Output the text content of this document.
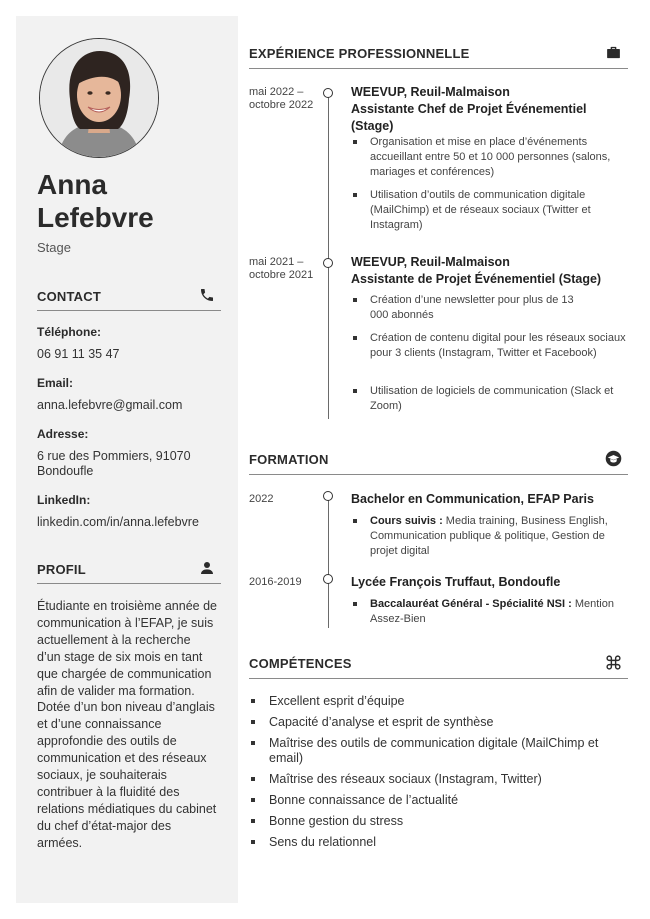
Anna
Lefebvre
Stage
CONTACT
Téléphone:
06 91 11 35 47
Email:
anna.lefebvre@gmail.com
Adresse:
6 rue des Pommiers, 91070
Bondoufle
LinkedIn:
linkedin.com/in/anna.lefebvre
PROFIL
Étudiante en troisième année de communication à l’EFAP, je suis actuellement à la recherche d’un stage de six mois en tant que chargée de communication afin de valider ma formation. Dotée d’un bon niveau d’anglais et d’une connaissance approfondie des outils de communication et des réseaux sociaux, je souhaiterais contribuer à la fluidité des relations médiatiques du cabinet du chef d’état-major des armées.
EXPÉRIENCE PROFESSIONNELLE
mai 2022 –
octobre 2022
WEEVUP, Reuil-Malmaison
Assistante Chef de Projet Événementiel (Stage)
Organisation et mise en place d’événements accueillant entre 50 et 10 000 personnes (salons, mariages et conférences)
Utilisation d’outils de communication digitale (MailChimp) et de réseaux sociaux (Twitter et Instagram)
mai 2021 –
octobre 2021
WEEVUP, Reuil-Malmaison
Assistante de Projet Événementiel (Stage)
Création d’une newsletter pour plus de 13 000 abonnés
Création de contenu digital pour les réseaux sociaux pour 3 clients (Instagram, Twitter et Facebook)
Utilisation de logiciels de communication (Slack et Zoom)
FORMATION
2022	Bachelor en Communication, EFAP Paris
Cours suivis : Media training, Business English, Communication publique & politique, Gestion de projet digital
2016-2019	Lycée François Truffaut, Bondoufle
Baccalauréat Général - Spécialité NSI : Mention Assez-Bien
COMPÉTENCES
Excellent esprit d’équipe
Capacité d’analyse et esprit de synthèse
Maîtrise des outils de communication digitale (MailChimp et email)
Maîtrise des réseaux sociaux (Instagram, Twitter)
Bonne connaissance de l’actualité
Bonne gestion du stress
Sens du relationnel
